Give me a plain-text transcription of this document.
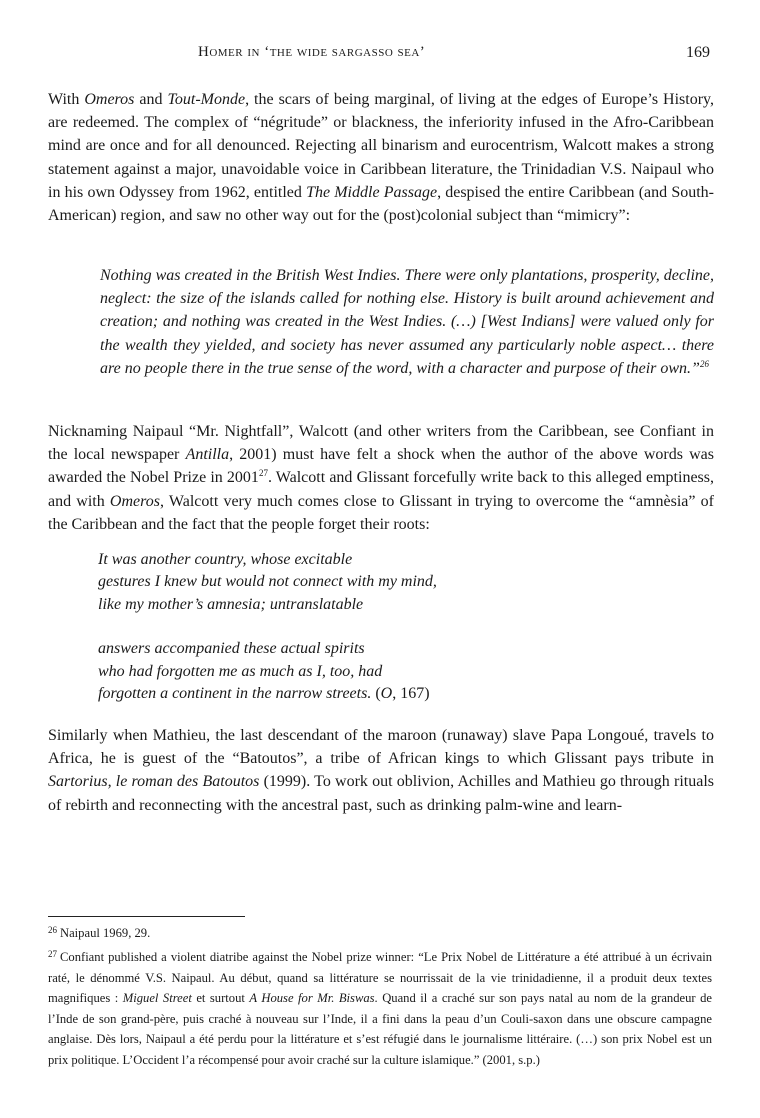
Homer in ‘the wide sargasso sea’	169

With Omeros and Tout-Monde, the scars of being marginal, of living at the edges of Europe’s History, are redeemed. The complex of “négritude” or blackness, the inferiority infused in the Afro-Caribbean mind are once and for all denounced. Rejecting all binarism and eurocentrism, Walcott makes a strong statement against a major, unavoidable voice in Caribbean literature, the Trinidadian V.S. Naipaul who in his own Odyssey from 1962, entitled The Middle Passage, despised the entire Caribbean (and South-American) region, and saw no other way out for the (post)colonial subject than “mimicry”:

Nothing was created in the British West Indies. There were only plantations, prosperity, decline, neglect: the size of the islands called for nothing else. History is built around achievement and creation; and nothing was created in the West Indies. (…) [West Indians] were valued only for the wealth they yielded, and society has never assumed any particularly noble aspect… there are no people there in the true sense of the word, with a character and purpose of their own.”$^{26}$

Nicknaming Naipaul “Mr. Nightfall”, Walcott (and other writers from the Caribbean, see Confiant in the local newspaper Antilla, 2001) must have felt a shock when the author of the above words was awarded the Nobel Prize in 2001$^{27}$. Walcott and Glissant forcefully write back to this alleged emptiness, and with Omeros, Walcott very much comes close to Glissant in trying to overcome the “amnèsia” of the Caribbean and the fact that the people forget their roots:

It was another country, whose excitable
gestures I knew but would not connect with my mind,
like my mother’s amnesia; untranslatable
answers accompanied these actual spirits
who had forgotten me as much as I, too, had
forgotten a continent in the narrow streets. (O, 167)

Similarly when Mathieu, the last descendant of the maroon (runaway) slave Papa Longoué, travels to Africa, he is guest of the “Batoutos”, a tribe of African kings to which Glissant pays tribute in Sartorius, le roman des Batoutos (1999). To work out oblivion, Achilles and Mathieu go through rituals of rebirth and reconnecting with the ancestral past, such as drinking palm-wine and learn-

$^{26}$ Naipaul 1969, 29.

$^{27}$ Confiant published a violent diatribe against the Nobel prize winner: “Le Prix Nobel de Littérature a été attribué à un écrivain raté, le dénommé V.S. Naipaul. Au début, quand sa littérature se nourrissait de la vie trinidadienne, il a produit deux textes magnifiques : Miguel Street et surtout A House for Mr. Biswas. Quand il a craché sur son pays natal au nom de la grandeur de l’Inde de son grand-père, puis craché à nouveau sur l’Inde, il a fini dans la peau d’un Couli-saxon dans une obscure campagne anglaise. Dès lors, Naipaul a été perdu pour la littérature et s’est réfugié dans le journalisme littéraire. (…) son prix Nobel est un prix politique. L’Occident l’a récompensé pour avoir craché sur la culture islamique.” (2001, s.p.)
